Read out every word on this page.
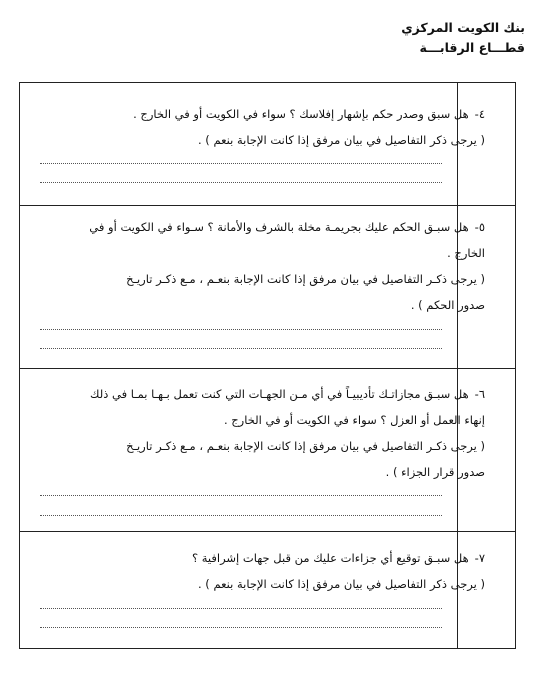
بنك الكويت المركزي
قطـــاع الرقابـــة
٤-هل سبق وصدر حكم بإشهار إفلاسك ؟ سواء في الكويت أو في الخارج .
( يرجى ذكر التفاصيل في بيان مرفق إذا كانت الإجابة بنعم ) .
٥-هل سبـق الحكم عليك بجريمـة مخلة بالشرف والأمانة ؟ سـواء في الكويت أو في
الخارج .
( يرجى ذكـر التفاصيل في بيان مرفق إذا كانت الإجابة بنعـم ، مـع ذكـر تاريـخ
صدور الحكم ) .
٦-هل سبـق مجازاتـك تأديبيـاً في أي مـن الجهـات التي كنت تعمل بـهـا بمـا في ذلك
إنهاء العمل أو العزل ؟ سواء في الكويت أو في الخارج .
( يرجى ذكـر التفاصيل في بيان مرفق إذا كانت الإجابة بنعـم ، مـع ذكـر تاريـخ
صدور قرار الجزاء ) .
٧-هل سبـق توقيع أي جزاءات عليك من قبل جهات إشرافية ؟
( يرجى ذكر التفاصيل في بيان مرفق إذا كانت الإجابة بنعم ) .
